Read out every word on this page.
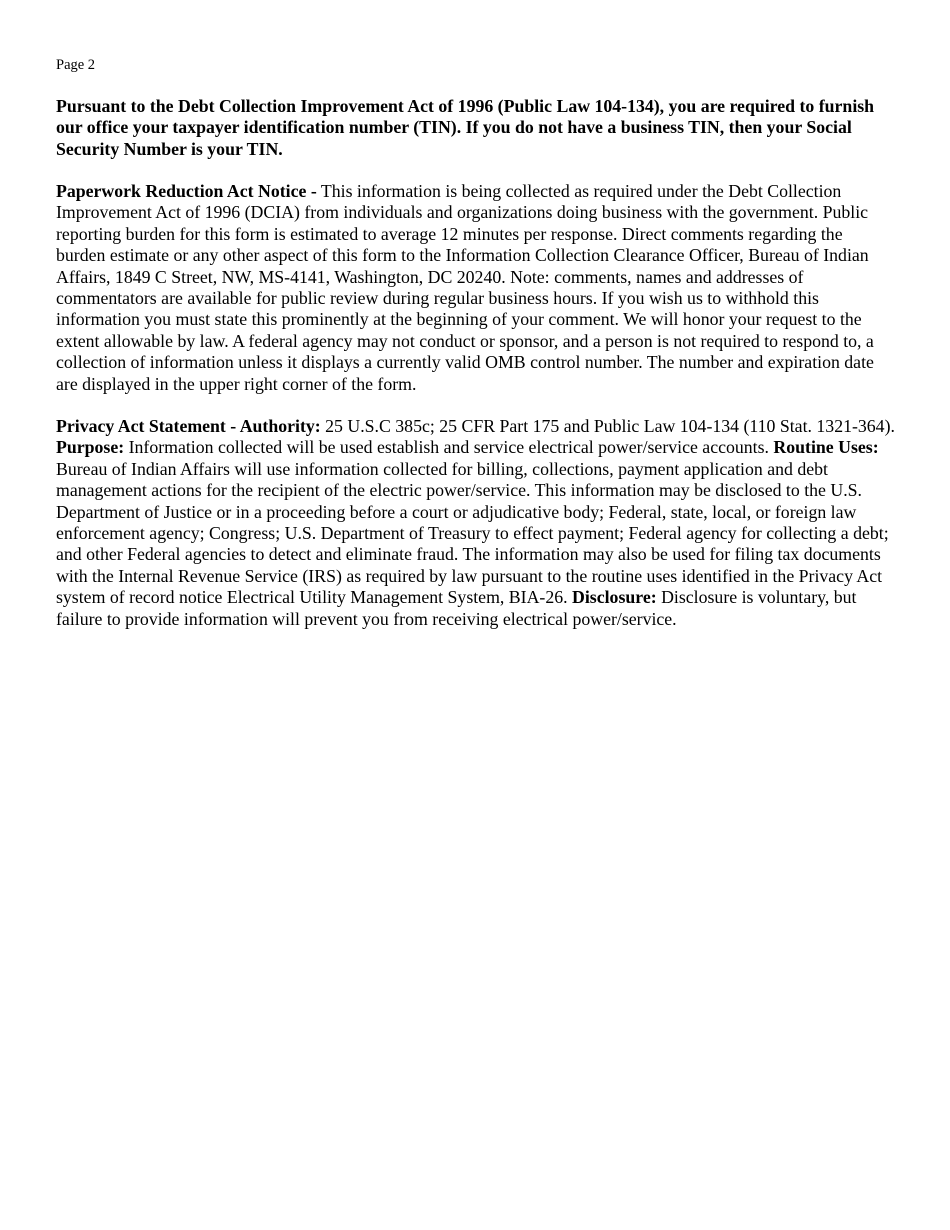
Page 2

Pursuant to the Debt Collection Improvement Act of 1996 (Public Law 104-134), you are required to furnish our office your taxpayer identification number (TIN). If you do not have a business TIN, then your Social Security Number is your TIN.

Paperwork Reduction Act Notice - This information is being collected as required under the Debt Collection Improvement Act of 1996 (DCIA) from individuals and organizations doing business with the government. Public reporting burden for this form is estimated to average 12 minutes per response. Direct comments regarding the burden estimate or any other aspect of this form to the Information Collection Clearance Officer, Bureau of Indian Affairs, 1849 C Street, NW, MS-4141, Washington, DC 20240. Note: comments, names and addresses of commentators are available for public review during regular business hours. If you wish us to withhold this information you must state this prominently at the beginning of your comment. We will honor your request to the extent allowable by law. A federal agency may not conduct or sponsor, and a person is not required to respond to, a collection of information unless it displays a currently valid OMB control number. The number and expiration date are displayed in the upper right corner of the form.

Privacy Act Statement - Authority: 25 U.S.C 385c; 25 CFR Part 175 and Public Law 104-134 (110 Stat. 1321-364). Purpose: Information collected will be used establish and service electrical power/service accounts. Routine Uses: Bureau of Indian Affairs will use information collected for billing, collections, payment application and debt management actions for the recipient of the electric power/service. This information may be disclosed to the U.S. Department of Justice or in a proceeding before a court or adjudicative body; Federal, state, local, or foreign law enforcement agency; Congress; U.S. Department of Treasury to effect payment; Federal agency for collecting a debt; and other Federal agencies to detect and eliminate fraud. The information may also be used for filing tax documents with the Internal Revenue Service (IRS) as required by law pursuant to the routine uses identified in the Privacy Act system of record notice Electrical Utility Management System, BIA-26. Disclosure: Disclosure is voluntary, but failure to provide information will prevent you from receiving electrical power/service.
